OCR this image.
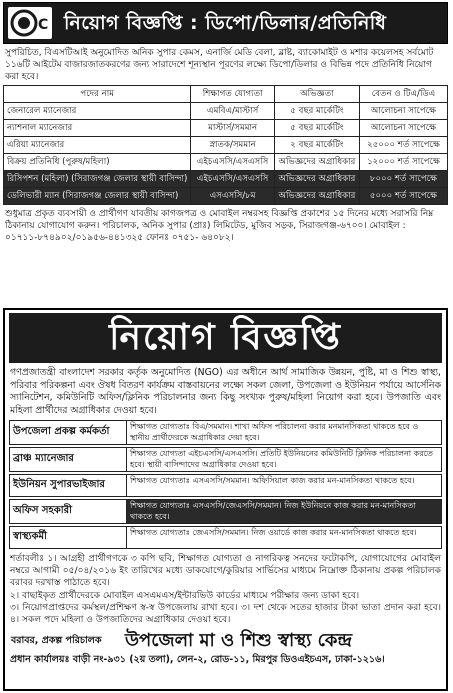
C নিয়োগ বিজ্ঞপ্তি : ডিপো/ডিলার/প্রতিনিধি
সুপরিচিত, বিএসটিআই অনুমোদিত অনিক সুপার কেমস, এনার্জি মেডি বেলা, ব্লাষ্ট, ব্যাকোমাইট ও মশার কয়েলসহ সর্বমোট ১১৬টি আইটেম বাজারজাতকরণের জন্য সারাদেশে শূন্যস্থান পূরণের লক্ষ্যে ডিপো/ডিলার ও বিভিন্ন পদে প্রতিনিধি নিয়োগ করা হবে।
পদের নাম	শিক্ষাগত যোগ্যতা	অভিজ্ঞতা	বেতন ও টিএ/ডিএ
জেনারেল ম্যানেজার	এমবিএ/মাস্টার্স	৫ বছর মার্কেটিং	আলোচনা সাপেক্ষে
ন্যাশনাল ম্যানেজার	মাস্টার্স/সমমান	৫ বছর মার্কেটিং	আলোচনা সাপেক্ষে
এরিয়া ম্যানেজার	স্নাতক/সমমান	২ বছর মার্কেটিং	২৫০০০ শর্ত সাপেক্ষে
বিক্রয় প্রতিনিধি (পুরুষ/মহিলা)	এইচএসসি/এসএসসি	অভিজ্ঞদের অগ্রাধিকার	১২০০০ শর্ত সাপেক্ষে
রিসিপশন (মহিলা) (সিরাজগঞ্জ জেলার স্থায়ী বাসিন্দা)	এইচএসসি/এসএসসি	অভিজ্ঞদের অগ্রাধিকার	৮০০০ শর্ত সাপেক্ষে
ডেলিভারী ম্যান (সিরাজগঞ্জ জেলার স্থায়ী বাসিন্দা)	এসএসসি/৮ম	অভিজ্ঞদের অগ্রাধিকার	৫০০০ শর্ত সাপেক্ষে
শুধুমাত্র প্রকৃত ব্যবসায়ী ও প্রার্থীগণ যাবতীয় কাগজপত্র ও মোবাইল নম্বরসহ বিজ্ঞপ্তি প্রকাশের ১৫ দিনের মধ্যে সরাসরি নিম্ন ঠিকানায় যোগাযোগ করুন। পরিচালক, অনিক সুপার (প্রাঃ) লিমিটেড, মুজিব সড়ক, সিরাজগঞ্জ-৬৭০০। মোবাইল : ০১৭১১-৮৭৪৯০২/০১৯৫৬-৪৪১৩২৫ ফোনঃ ০৭৫১- ৬৪০৮২।
নিয়োগ বিজ্ঞপ্তি
গণপ্রজাতন্ত্রী বাংলাদেশ সরকার কর্তৃক অনুমোদিত (NGO) এর অধীনে আর্থ সামাজিক উন্নয়ন, পুষ্টি, মা ও শিশু স্বাস্থ্য, পরিবার পরিকল্পনা এবং ঔষধ বিতরণ কার্যক্রম বাস্তবায়নের লক্ষ্যে সকল জেলা, উপজেলা ও ইউনিয়ন পর্যায়ে আর্সেনিক স্যানিটেশন, কমিউনিটি অফিস/ক্লিনিক পরিচালনার জন্য কিছু সংখ্যক পুরুষ/মহিলা নিয়োগ করা হবে। উপজাতি এবং মহিলা প্রার্থীদের অগ্রাধিকার দেওয়া হবে।
উপজেলা প্রকল্প কর্মকর্তা	শিক্ষাগত যোগ্যতাঃ বিএ/সমমান। শাখা অফিস পরিচালনা করার মনমানসিকতা থাকতে হবে ও স্থানীয় প্রার্থীদেরকে অগ্রাধিকার দেয়া হবে।
ব্রাঞ্চ ম্যানেজার	শিক্ষাগত যোগ্যতা এইচএসসি/এসএসসি। প্রতিটি ইউনিয়নের কমিউনিটি ক্লিনিক পরিচালনা করতে হবে। স্থায়ী বাসিন্দাদের অগ্রাধিকার দেওয়া হবে।
ইউনিয়ন সুপারভাইজার	শিক্ষাগত যোগ্যতাঃ এসএসসি/সমমান। অফিসিয়াল কাজ করার মন-মানসিকতা থাকতে হবে।
অফিস সহকারী	শিক্ষাগত যোগ্যতাঃ এসএসসি/জেএসসি/সমমান। নিজ ইউনিয়নে কাজ করার মন-মানসিকতা থাকতে হবে।
স্বাস্থ্যকর্মী	শিক্ষাগত যোগ্যতাঃ জেএসসি/সমমান। নিজ ওয়ার্ডে কাজ করার মন-মানসিকতা থাকতে হবে।
শর্তাবলীঃ ১। আগ্রহী প্রার্থীগণকে ৩ কপি ছবি, শিক্ষাগত যোগ্যতা ও নাগরিকত্ব সনদের ফটোকপি, যোগাযোগের মোবাইল নম্বরে আগামী ০৫/০৪/২০১৬ ইং তারিখের মধ্যে ডাকযোগে/কুরিয়ার সার্ভিসের মাধ্যমে নিম্নোক্ত ঠিকানায় প্রকল্প পরিচালক বরাবর দরখাস্ত পাঠাতে হবে।
২। বাছাইকৃত প্রার্থীদেরকে মোবাইল এসএমএস/ইন্টারভিউ কার্ডের মাধ্যমে পরীক্ষার জন্য ডাকা হবে।
৩। নিয়োগপ্রাপ্তদের কর্মস্থল/প্রশিক্ষণ স্ব-স্ব উপজেলায় রাখা হবে। ৩। দশ থেকে সতের হাজার টাকা ভাতা প্রদান করা হবে। ৪। সকল পদে মহিলা ও উপজাতিদের অগ্রাধিকার দেওয়া হবে।
বরাবর, প্রকল্প পরিচালক উপজেলা মা ও শিশু স্বাস্থ্য কেন্দ্র
প্রধান কার্যালয়ঃ বাড়ী নং-৯৩১ (২য় তলা), লেন-২, রোড-১১, মিরপুর ডিওএইচএস, ঢাকা-১২১৬।
